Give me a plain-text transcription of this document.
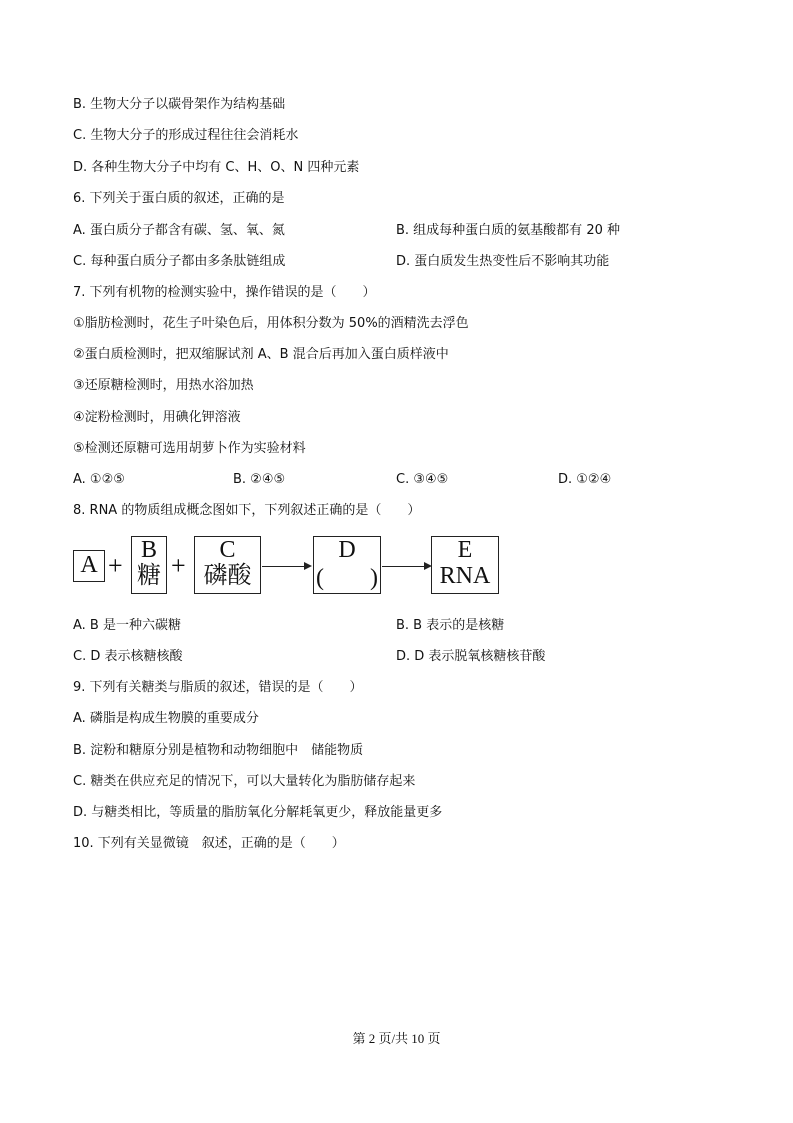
B. 生物大分子以碳骨架作为结构基础
C. 生物大分子的形成过程往往会消耗水
D. 各种生物大分子中均有 C、H、O、N 四种元素
6. 下列关于蛋白质的叙述，正确的是
A. 蛋白质分子都含有碳、氢、氧、氮	B. 组成每种蛋白质的氨基酸都有 20 种
C. 每种蛋白质分子都由多条肽链组成	D. 蛋白质发生热变性后不影响其功能
7. 下列有机物的检测实验中，操作错误的是（　　）
①脂肪检测时，花生子叶染色后，用体积分数为 50%的酒精洗去浮色
②蛋白质检测时，把双缩脲试剂 A、B 混合后再加入蛋白质样液中
③还原糖检测时，用热水浴加热
④淀粉检测时，用碘化钾溶液
⑤检测还原糖可选用胡萝卜作为实验材料
A. ①②⑤	B. ②④⑤	C. ③④⑤	D. ①②④
8. RNA 的物质组成概念图如下，下列叙述正确的是（　　）
A +
B
糖 +
C
磷酸
D
( )
E
RNA
A. B 是一种六碳糖	B. B 表示的是核糖
C. D 表示核糖核酸	D. D 表示脱氧核糖核苷酸
9. 下列有关糖类与脂质的叙述，错误的是（　　）
A. 磷脂是构成生物膜的重要成分
B. 淀粉和糖原分别是植物和动物细胞中　储能物质
C. 糖类在供应充足的情况下，可以大量转化为脂肪储存起来
D. 与糖类相比，等质量的脂肪氧化分解耗氧更少，释放能量更多
10. 下列有关显微镜　叙述，正确的是（　　）
第 2 页/共 10 页
